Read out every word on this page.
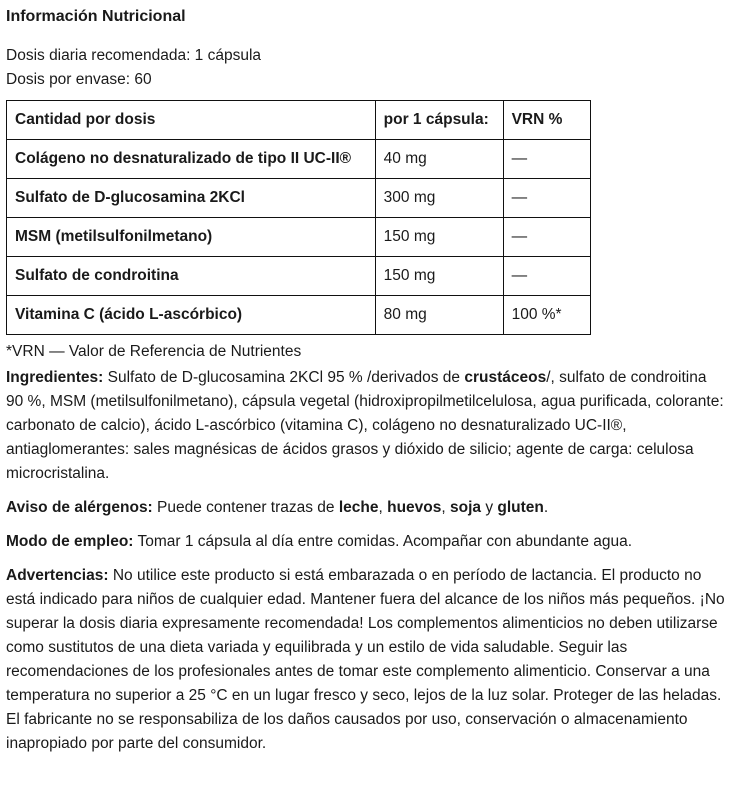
Información Nutricional

Dosis diaria recomendada: 1 cápsula

Dosis por envase: 60

Cantidad por dosis	por 1 cápsula:	VRN %
Colágeno no desnaturalizado de tipo II UC-II®	40 mg	—
Sulfato de D-glucosamina 2KCl	300 mg	—
MSM (metilsulfonilmetano)	150 mg	—
Sulfato de condroitina	150 mg	—
Vitamina C (ácido L-ascórbico)	80 mg	100 %*

*VRN — Valor de Referencia de Nutrientes

Ingredientes: Sulfato de D-glucosamina 2KCl 95 % /derivados de crustáceos/, sulfato de condroitina 90 %, MSM (metilsulfonilmetano), cápsula vegetal (hidroxipropilmetilcelulosa, agua purificada, colorante: carbonato de calcio), ácido L-ascórbico (vitamina C), colágeno no desnaturalizado UC-II®, antiaglomerantes: sales magnésicas de ácidos grasos y dióxido de silicio; agente de carga: celulosa microcristalina.

Aviso de alérgenos: Puede contener trazas de leche, huevos, soja y gluten.

Modo de empleo: Tomar 1 cápsula al día entre comidas. Acompañar con abundante agua.

Advertencias: No utilice este producto si está embarazada o en período de lactancia. El producto no está indicado para niños de cualquier edad. Mantener fuera del alcance de los niños más pequeños. ¡No superar la dosis diaria expresamente recomendada! Los complementos alimenticios no deben utilizarse como sustitutos de una dieta variada y equilibrada y un estilo de vida saludable. Seguir las recomendaciones de los profesionales antes de tomar este complemento alimenticio. Conservar a una temperatura no superior a 25 °C en un lugar fresco y seco, lejos de la luz solar. Proteger de las heladas. El fabricante no se responsabiliza de los daños causados por uso, conservación o almacenamiento inapropiado por parte del consumidor.
